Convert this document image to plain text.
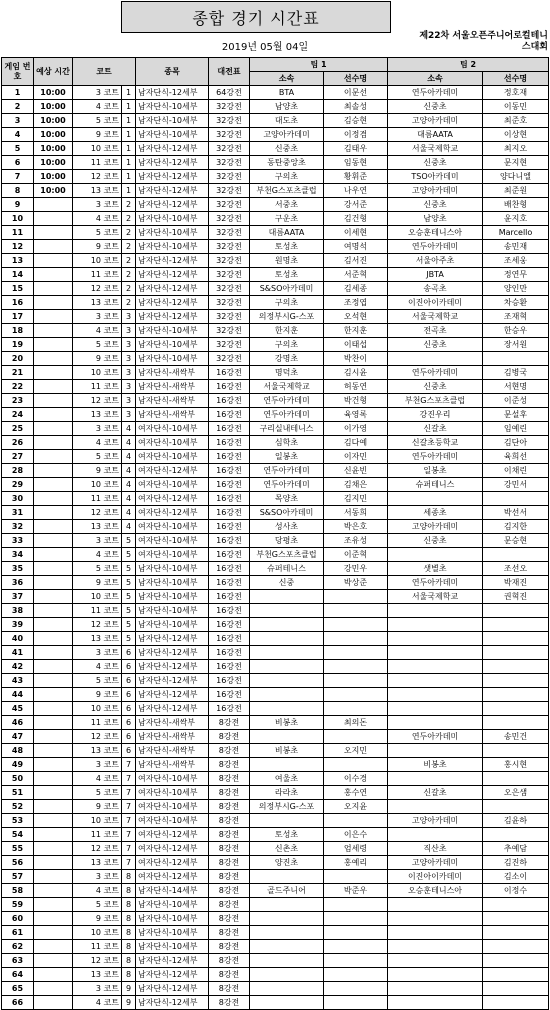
종합 경기 시간표
2019년 05월 04일
제22차 서울오픈주니어로컬테니
스대회
게임 번호	예상 시간	코트		종목	대전표	팀 1		팀 2	
						소속	선수명	소속	선수명
1	10:00	3 코트	1	남자단식-12세부	64강전	BTA	이문선	연두아카데미	정호재
2	10:00	4 코트	1	남자단식-10세부	32강전	남양초	최솔성	신중초	이동민
3	10:00	5 코트	1	남자단식-10세부	32강전	대도초	김승현	고양아카데미	최준호
4	10:00	9 코트	1	남자단식-10세부	32강전	고양아카데미	이정겸	대름AATA	이상현
5	10:00	10 코트	1	남자단식-12세부	32강전	신중초	김태우	서울국제학교	최지오
6	10:00	11 코트	1	남자단식-12세부	32강전	동탄중앙초	임동현	신중초	문지현
7	10:00	12 코트	1	남자단식-12세부	32강전	구의초	황휘준	TSO아카데미	양다니엘
8	10:00	13 코트	1	남자단식-12세부	32강전	부천G스포츠클럽	나우연	고양아카데미	최준원
9		3 코트	2	남자단식-12세부	32강전	서중초	강서준	신중초	배찬형
10		4 코트	2	남자단식-10세부	32강전	구운초	김건형	남양초	윤지호
11		5 코트	2	남자단식-10세부	32강전	대름AATA	이세현	오승훈테니스아	Marcello
12		9 코트	2	남자단식-10세부	32강전	토성초	여명석	연두아카데미	송민재
13		10 코트	2	남자단식-12세부	32강전	원명초	김서진	서울아주초	조세웅
14		11 코트	2	남자단식-12세부	32강전	토성초	서준혁	JBTA	정연무
15		12 코트	2	남자단식-12세부	32강전	S&SO아카데미	김세종	송곡초	양인만
16		13 코트	2	남자단식-12세부	32강전	구의초	조정엽	이진아이카데미	차승환
17		3 코트	3	남자단식-12세부	32강전	의정부시G-스포	오석현	서울국제학교	조재혁
18		4 코트	3	남자단식-10세부	32강전	한지훈	한지훈	전곡초	한승우
19		5 코트	3	남자단식-10세부	32강전	구의초	이태섭	신중초	장서원
20		9 코트	3	남자단식-10세부	32강전	강명초	박찬이		
21		10 코트	3	남자단식-새싹부	16강전	명덕초	김시윤	연두아카데미	김병국
22		11 코트	3	남자단식-새싹부	16강전	서울국제학교	허동연	신중초	서현명
23		12 코트	3	남자단식-새싹부	16강전	연두아카데미	박건형	부천G스포츠클럽	이준성
24		13 코트	3	남자단식-새싹부	16강전	연두아카데미	육영록	강진우리	문설후
25		3 코트	4	여자단식-10세부	16강전	구리실내테니스	이가영	신갈초	임예린
26		4 코트	4	여자단식-10세부	16강전	심학초	김다예	신갈초등학교	김단아
27		5 코트	4	여자단식-10세부	16강전	일봉초	이자민	연두아카데미	육희선
28		9 코트	4	여자단식-12세부	16강전	연두아카데미	신윤빈	일봉초	이채린
29		10 코트	4	여자단식-10세부	16강전	연두아카데미	김채은	슈퍼테니스	강민서
30		11 코트	4	여자단식-12세부	16강전	목양초	김지민		
31		12 코트	4	여자단식-12세부	16강전	S&SO아카데미	서동희	세종초	박선서
32		13 코트	4	여자단식-10세부	16강전	성사초	박은호	고양아카데미	김지한
33		3 코트	5	여자단식-10세부	16강전	당평초	조유성	신중초	문승현
34		4 코트	5	여자단식-10세부	16강전	부천G스포츠클럽	이준혁		
35		5 코트	5	남자단식-10세부	16강전	슈퍼테니스	강민우	샛별초	조선오
36		9 코트	5	남자단식-10세부	16강전	신중	박상준	연두아카데미	박재진
37		10 코트	5	남자단식-10세부	16강전			서울국제학교	권혁진
38		11 코트	5	남자단식-10세부	16강전				
39		12 코트	5	남자단식-10세부	16강전				
40		13 코트	5	남자단식-12세부	16강전				
41		3 코트	6	남자단식-12세부	16강전				
42		4 코트	6	남자단식-12세부	16강전				
43		5 코트	6	남자단식-12세부	16강전				
44		9 코트	6	남자단식-12세부	16강전				
45		10 코트	6	남자단식-12세부	16강전				
46		11 코트	6	남자단식-새싹부	8강전	비봉초	최의돈		
47		12 코트	6	남자단식-새싹부	8강전			연두아카데미	송민건
48		13 코트	6	남자단식-새싹부	8강전	비봉초	오지민		
49		3 코트	7	남자단식-새싹부	8강전			비봉초	홍시현
50		4 코트	7	여자단식-10세부	8강전	여울초	이수경		
51		5 코트	7	여자단식-10세부	8강전	라라초	홍수연	신갈초	오은샘
52		9 코트	7	여자단식-10세부	8강전	의정부시G-스포	오지윤		
53		10 코트	7	여자단식-10세부	8강전			고양아카데미	김윤하
54		11 코트	7	여자단식-12세부	8강전	토성초	이은수		
55		12 코트	7	여자단식-12세부	8강전	신촌초	엄세령	직산초	추예담
56		13 코트	7	여자단식-12세부	8강전	양진초	홍예리	고양아카데미	김진하
57		3 코트	8	여자단식-12세부	8강전			이진아이카데미	김소이
58		4 코트	8	남자단식-14세부	8강전	골드주니어	박준우	오승훈테니스아	이정수
59		5 코트	8	남자단식-10세부	8강전				
60		9 코트	8	남자단식-10세부	8강전				
61		10 코트	8	남자단식-10세부	8강전				
62		11 코트	8	남자단식-10세부	8강전				
63		12 코트	8	남자단식-12세부	8강전				
64		13 코트	8	남자단식-12세부	8강전				
65		3 코트	9	남자단식-12세부	8강전				
66		4 코트	9	남자단식-12세부	8강전				
